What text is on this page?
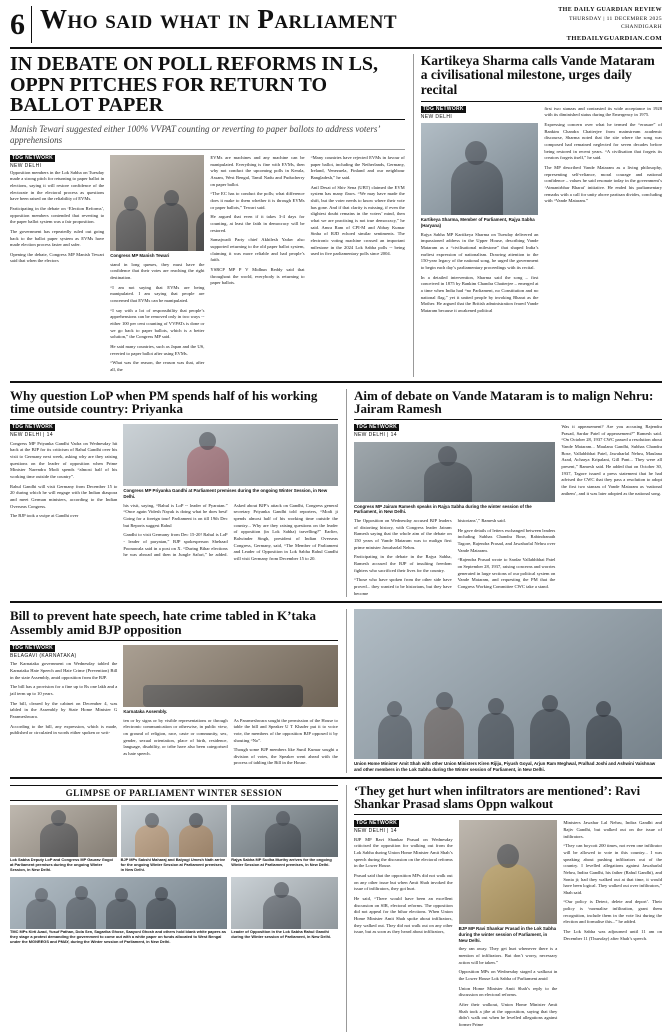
6 Who said what in Parliament	THE DAILY GUARDIAN REVIEW
THURSDAY | 11 DECEMBER 2025
CHANDIGARH
THEDAILYGUARDIAN.COM
IN DEBATE ON POLL REFORMS IN LS, OPPN PITCHES FOR RETURN TO BALLOT PAPER
Manish Tewari suggested either 100% VVPAT counting or reverting to paper ballots to address voters’ apprehensions
TDG NETWORK
NEW DELHI

Opposition members in the Lok Sabha on Tuesday made a strong pitch for returning to paper ballot in elections, saying it will restore confidence of the electorate in the electoral process as questions have been raised on the reliability of EVMs.

Participating in the debate on ‘Election Reforms’, opposition members contended that reverting to the paper ballot system was a fair proposition.

The government has repeatedly ruled out going back to the ballot paper system as EVMs have made election process faster and safer.

Opening the debate, Congress MP Manish Tewari said that when the electors

Congress MP Manish Tewari

stand in long queues, they must have the confidence that their votes are reaching the right destination.

“I am not saying that EVMs are being manipulated. I am saying that people are concerned that EVMs can be manipulated.

“I say with a lot of responsibility that people’s apprehensions can be removed only in two ways -- either 100 per cent counting of VVPATs is done or we go back to paper ballots, which is a better solution,” the Congress MP said.

He said many countries, such as Japan and the US, reverted to paper ballot after using EVMs.

“What was the reason, the reason was that, after all, the

EVMs are machines and any machine can be manipulated. Everything is fine with EVMs, then why not conduct the upcoming polls in Kerala, Assam, West Bengal, Tamil Nadu and Puducherry on paper ballot.

“The EC has to conduct the polls; what difference does it make to them whether it is through EVMs or paper ballots,” Tewari said.

He argued that even if it takes 3-4 days for counting, at least the faith in democracy will be restored.

Samajwadi Party chief Akhilesh Yadav also supported returning to the old paper ballot system, claiming it was more reliable and had people’s faith.

YSRCP MP P V Midhun Reddy said that throughout the world, everybody is returning to paper ballots.

“Many countries have rejected EVMs in favour of paper ballot, including the Netherlands, Germany, Ireland, Venezuela, Finland and our neighbour Bangladesh,” he said.

Anil Desai of Shiv Sena (UBT) claimed the EVM system has many flaws. “We may have made the shift, but the voter needs to know where their vote has gone. And if that clarity is missing, if even the slightest doubt remains in the voters’ mind, then what we are practising is not true democracy,” he said. Amra Ram of CPI-M and Abhay Kumar Sinha of RJD echoed similar sentiments. The electronic voting machine crossed an important milestone in the 2024 Lok Sabha polls -- being used in five parliamentary polls since 2004.

Kartikeya Sharma calls Vande Mataram a civilisational milestone, urges daily recital
TDG NETWORK
NEW DELHI
Kartikeya Sharma, Member of Parliament, Rajya Sabha (Haryana)

Rajya Sabha MP Kartikeya Sharma on Tuesday delivered an impassioned address in the Upper House, describing Vande Mataram as a “civilisational milestone” that shaped India’s earliest expression of nationalism. Drawing attention to the 150-year legacy of the national song, he urged the government to begin each day’s parliamentary proceedings with its recital.

In a detailed intervention, Sharma said the song – first conceived in 1875 by Bankim Chandra Chatterjee – emerged at a time when India had “no Parliament, no Constitution and no national flag,” yet it united people by invoking Bharat as the Mother. He argued that the British administration feared Vande Mataram because it awakened political

first two stanzas and contrasted its wide acceptance in 1928 with its diminished status during the Emergency in 1975.

Expressing concern over what he termed the “erasure” of Bankim Chandra Chatterjee from mainstream academic discourse, Sharma noted that the site where the song was composed had remained neglected for seven decades before being restored in recent years. “A civilisation that forgets its creators forgets itself,” he said.

The MP described Vande Mataram as a living philosophy, representing self-reliance, moral courage and national confidence – values he said resonate today in the government’s ‘Atmanirbhar Bharat’ initiative. He ended his parliamentary remarks with a call for unity above partisan divides, concluding with “Vande Mataram.”

Why question LoP when PM spends half of his working time outside country: Priyanka
TDG NETWORK
NEW DELHI | 14

Congress MP Priyanka Gandhi Vadra on Wednesday hit back at the BJP for its criticism of Rahul Gandhi over his visit to Germany next week, asking why are they raising questions on the leader of opposition when Prime Minister Narendra Modi spends “almost half of his working time outside the country”.

Rahul Gandhi will visit Germany from December 15 to 20 during which he will engage with the Indian diaspora and meet German ministers, according to the Indian Overseas Congress.

The BJP took a swipe at Gandhi over

Congress MP Priyanka Gandhi at Parliament premises during the ongoing Winter Session, in New Delhi.

his visit, saying, “Rahul is LoP -- leader of Pyaratan.” “Once again Videsh Nayak is doing what he does best! Going for a foreign tour! Parliament is on till 19th Dec but Reports suggest Rahul

Gandhi to visit Germany from Dec 15-20! Rahul is LoP - leader of paryatan,” BJP spokesperson Shehzad Poonawala said in a post on X. “During Bihar elections he was abroad and then in Jungle Safari,” he added. Asked about BJP’s attack on Gandhi, Congress general secretary Priyanka Gandhi told reporters, “Modi ji spends almost half of his working time outside the country... Why are they raising questions on the leader of opposition (in Lok Sabha) travelling?” Earlier, Balwinder Singh, president of Indian Overseas Congress, Germany, said, “The Member of Parliament and Leader of Opposition in Lok Sabha Rahul Gandhi will visit Germany from December 15 to 20.

Aim of debate on Vande Mataram is to malign Nehru: Jairam Ramesh
TDG NETWORK
NEW DELHI | 14
Congress MP Jairam Ramesh speaks in Rajya Sabha during the winter session of the Parliament, in New Delhi.

The Opposition on Wednesday accused BJP leaders of distorting history, with Congress leader Jairam Ramesh saying that the whole aim of the debate on 150 years of Vande Mataram was to malign first prime minister Jawaharlal Nehru.

Participating in the debate in the Rajya Sabha, Ramesh accused the BJP of insulting freedom fighters who sacrificed their lives for the country.

“Those who have spoken from the other side have proved... they wanted to be historians, but they have become

historians’,” Ramesh said.

He gave details of letters exchanged between leaders including Subhas Chandra Bose, Rabindranath Tagore, Rajendra Prasad, and Jawaharlal Nehru over Vande Mataram.

“Rajendra Prasad wrote to Sardar Vallabhbhai Patel on September 28, 1937, raising concerns and worries generated in large sections of our political system on Vande Mataram, and requesting the PM that the Congress Working Committee CWC take a stand.

Was it appeasement? Are you accusing Rajendra Prasad, Sardar Patel of appeasement?” Ramesh said. “On October 28, 1937 CWC passed a resolution about Vande Mataram... Maulana Gandhi, Subhas Chandra Bose, Vallabhbhai Patel, Jawaharlal Nehru, Maulana Azad, Acharya Kripalani, Gill Pant... They were all present,” Ramesh said. He added that on October 30, 1937, Tagore issued a press statement that he had advised the CWC that they pass a resolution to adopt the first two stanzas of Vande Mataram as ‘national anthem’, and it was later adopted as the national song.

Bill to prevent hate speech, hate crime tabled in K’taka Assembly amid BJP opposition
TDG NETWORK
BELAGAVI (KARNATAKA)

The Karnataka government on Wednesday tabled the Karnataka Hate Speech and Hate Crime (Prevention) Bill in the state Assembly, amid opposition from the BJP.

The bill has a provision for a fine up to Rs one lakh and a jail term up to 10 years.

The bill, cleared by the cabinet on December 4, was tabled in the Assembly by State Home Minister G Parameshwara.

According to the bill, any expression, which is made, published or circulated in words either spoken or writ-

Karnataka Assembly.

ten or by signs or by visible representations or through electronic communication or otherwise, in public view, on ground of religion, race, caste or community, sex, gender, sexual orientation, place of birth, residence, language, disability, or tribe have also been categorised as hate speech.

As Parameshwara sought the permission of the House to table the bill and Speaker U T Khader put it to voice vote, the members of the opposition BJP opposed it by shouting “No”.

Though some BJP members like Sunil Kumar sought a division of votes, the Speaker went ahead with the process of tabling the Bill in the House.	Union Home Minister Amit Shah with other Union Ministers Kiren Rijiju, Piyush Goyal, Arjun Ram Meghwal, Pralhad Joshi and Ashwini Vaishnaw and other members in the Lok Sabha during the Winter session of Parliament, in New Delhi.
GLIMPSE OF PARLIAMENT WINTER SESSION
Lok Sabha Deputy LoP and Congress MP Gaurav Gogoi at Parliament premises during the ongoing Winter Session, in New Delhi.
BJP MPs Sakshi Maharaj and Balyogi Umesh Nath arrive for the ongoing Winter Session at Parliament premises, in New Delhi.
Rajya Sabha MP Sudha Murthy arrives for the ongoing Winter Session at Parliament premises, in New Delhi.
TMC MPs Kirti Azad, Yusuf Pathan, Dola Sen, Sagarika Ghose, Saayoni Ghosh and others hold blank white papers as they stage a protest demanding the government to come out with a white paper on funds allocated to West Bengal under the MGNREGS and PMAY, during the Winter session of Parliament, in New Delhi.
Leader of Opposition in the Lok Sabha Rahul Gandhi during the Winter session of Parliament, in New Delhi.
‘They get hurt when infiltrators are mentioned’: Ravi Shankar Prasad slams Oppn walkout
TDG NETWORK
NEW DELHI | 14

BJP MP Ravi Shankar Prasad on Wednesday criticised the opposition for walking out from the Lok Sabha during Union Home Minister Amit Shah’s speech during the discussion on the electoral reforms in the Lower House.

Prasad said that the opposition MPs did not walk out on any other issue but when Amit Shah invoked the issue of infiltrators, they got hurt.

He said, “There would have been an excellent discussion on SIR, electoral reforms. The opposition did not appeal for the bihar elections. When Union Home Minister Amit Shah spoke about infiltrators, they walked out. They did not walk out on any other issue, but as soon as they heard about infiltrators,

BJP MP Ravi Shankar Prasad in the Lok Sabha during the winter session of Parliament, in New Delhi.

they ran away. They get hurt whenever there is a mention of infiltrators. But don’t worry, necessary action will be taken.”

Opposition MPs on Wednesday staged a walkout in the Lower House Lok Sabha of Parliament amid

Union Home Minister Amit Shah’s reply to the discussion on electoral reforms.

After their walkout, Union Home Minister Amit Shah took a jibe at the opposition, saying that they didn’t walk out when he levelled allegations against former Prime

Ministers Jawahar Lal Nehru, Indira Gandhi and Rajiv Gandhi, but walked out on the issue of infiltrators.

“They can boycott 200 times, not even one infiltrator will be allowed to vote in this country... I was speaking about pushing infiltrators out of the country. I levelled allegations against Jawaharlal Nehru, Indira Gandhi, his father (Rahul Gandhi), and Sonia ji; had they walked out at that time, it would have been logical. They walked out over infiltrators,” Shah said.

“Our policy is Detect, delete and deport’. Their policy is ‘normalise infiltration, grant them recognition, include them in the vote list during the election and formalise this...” he added.

The Lok Sabha was adjourned until 11 am on December 11 (Thursday) after Shah’s speech.
